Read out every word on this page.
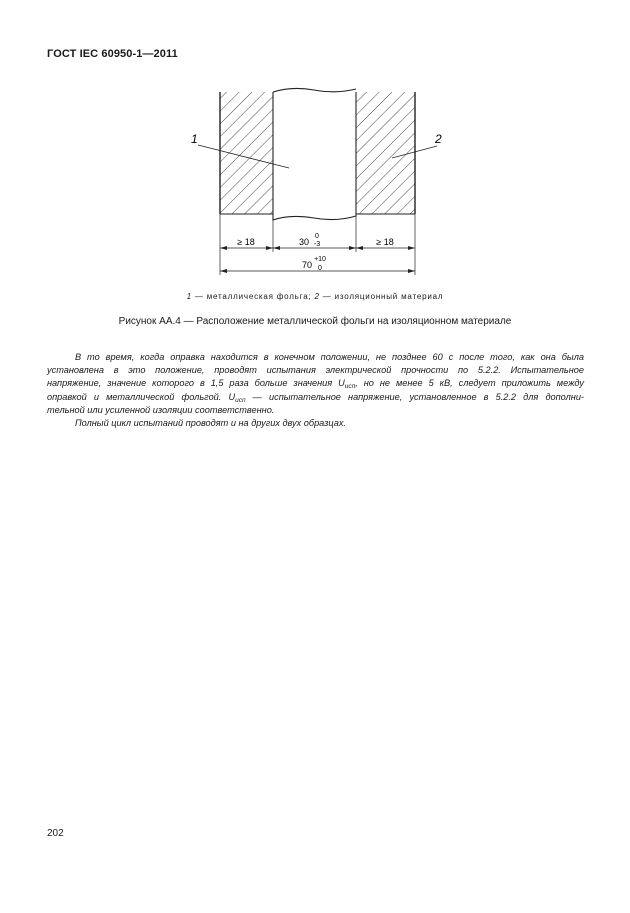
ГОСТ IEC 60950-1—2011
1	2
≥ 18	≥ 18
30
0
-3
70
+10
0
1 — металлическая фольга; 2 — изоляционный материал
Рисунок АА.4 — Расположение металлической фольги на изоляционном материале
В то время, когда оправка находится в конечном положении, не позднее 60 с после того, как она была
установлена в это положение, проводят испытания электрической прочности по 5.2.2. Испытательное
напряжение, значение которого в 1,5 раза больше значения $U_{исп}$, но не менее 5 кВ, следует приложить между
оправкой и металлической фольгой. $U_{исп}$ — испытательное напряжение, установленное в 5.2.2 для дополни-
тельной или усиленной изоляции соответственно.
Полный цикл испытаний проводят и на других двух образцах.
202
